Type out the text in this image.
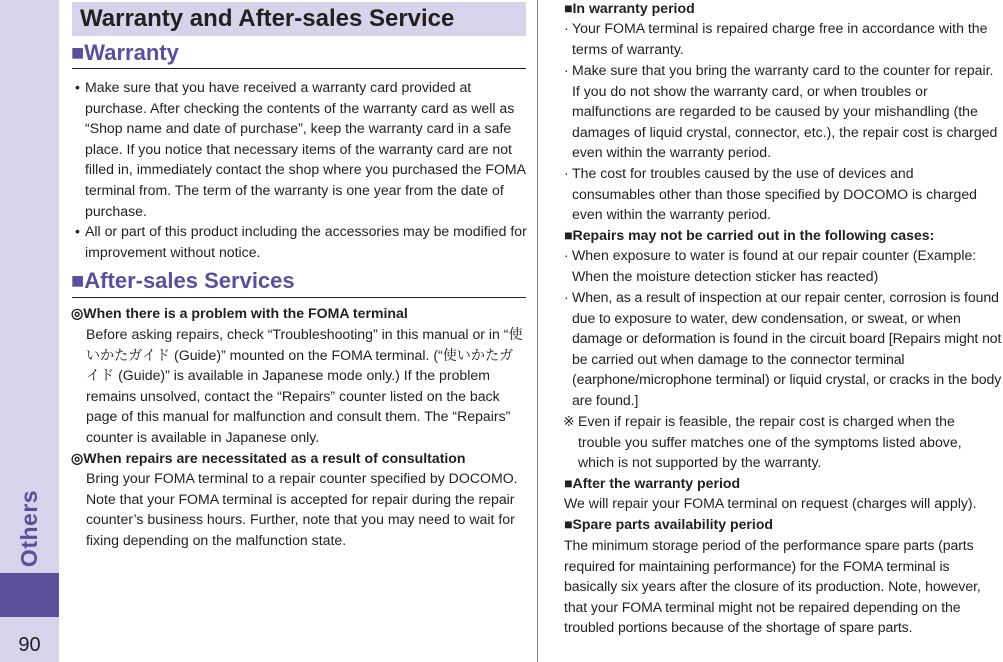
Others
90
Warranty and After-sales Service
■Warranty
• Make sure that you have received a warranty card provided at purchase. After checking the contents of the warranty card as well as “Shop name and date of purchase”, keep the warranty card in a safe place. If you notice that necessary items of the warranty card are not filled in, immediately contact the shop where you purchased the FOMA terminal from. The term of the warranty is one year from the date of purchase.
• All or part of this product including the accessories may be modified for improvement without notice.
■After-sales Services
◎When there is a problem with the FOMA terminal
Before asking repairs, check “Troubleshooting” in this manual or in “使いかたガイド (Guide)” mounted on the FOMA terminal. (“使いかたガイド (Guide)” is available in Japanese mode only.) If the problem remains unsolved, contact the “Repairs” counter listed on the back page of this manual for malfunction and consult them. The “Repairs” counter is available in Japanese only.
◎When repairs are necessitated as a result of consultation
Bring your FOMA terminal to a repair counter specified by DOCOMO. Note that your FOMA terminal is accepted for repair during the repair counter’s business hours. Further, note that you may need to wait for fixing depending on the malfunction state.
■In warranty period
· Your FOMA terminal is repaired charge free in accordance with the terms of warranty.
· Make sure that you bring the warranty card to the counter for repair. If you do not show the warranty card, or when troubles or malfunctions are regarded to be caused by your mishandling (the damages of liquid crystal, connector, etc.), the repair cost is charged even within the warranty period.
· The cost for troubles caused by the use of devices and consumables other than those specified by DOCOMO is charged even within the warranty period.
■Repairs may not be carried out in the following cases:
· When exposure to water is found at our repair counter (Example: When the moisture detection sticker has reacted)
· When, as a result of inspection at our repair center, corrosion is found due to exposure to water, dew condensation, or sweat, or when damage or deformation is found in the circuit board [Repairs might not be carried out when damage to the connector terminal (earphone/microphone terminal) or liquid crystal, or cracks in the body are found.]
※ Even if repair is feasible, the repair cost is charged when the trouble you suffer matches one of the symptoms listed above, which is not supported by the warranty.
■After the warranty period
We will repair your FOMA terminal on request (charges will apply).
■Spare parts availability period
The minimum storage period of the performance spare parts (parts required for maintaining performance) for the FOMA terminal is basically six years after the closure of its production. Note, however, that your FOMA terminal might not be repaired depending on the troubled portions because of the shortage of spare parts.
